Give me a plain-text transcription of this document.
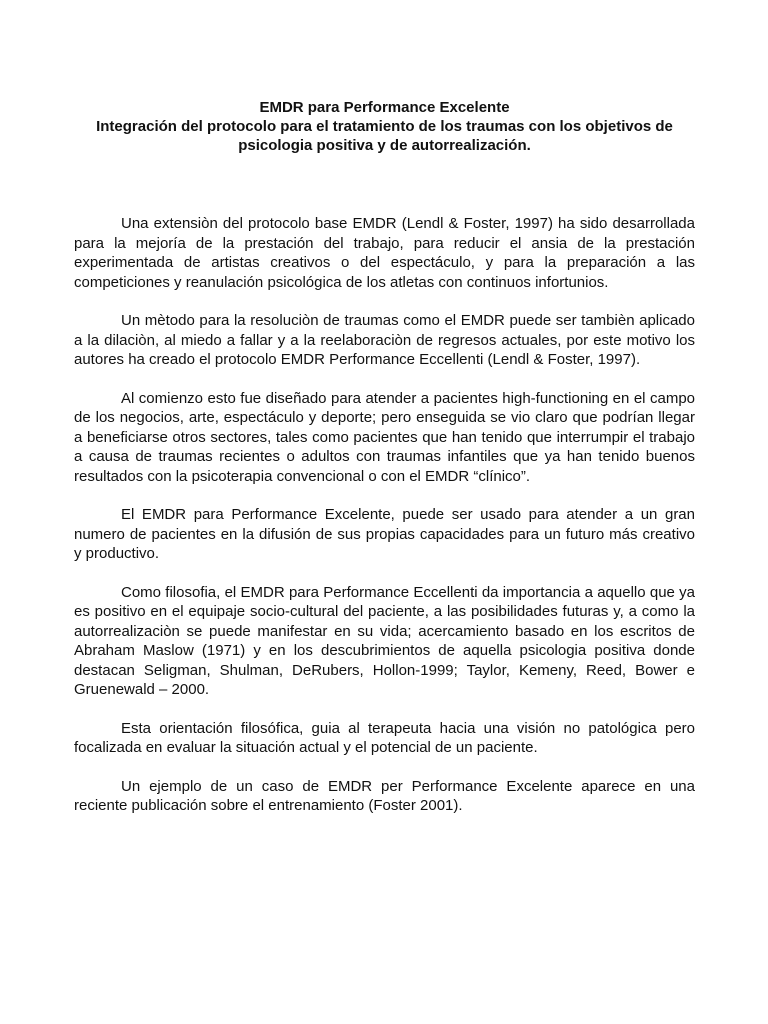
EMDR para Performance Excelente
Integración del protocolo para el tratamiento de los traumas con los objetivos de
psicologia positiva y de autorrealización.

Una extensiòn del protocolo base EMDR (Lendl & Foster, 1997) ha sido desarrollada para la mejoría de la prestación del trabajo, para reducir el ansia de la prestación experimentada de artistas creativos o del espectáculo, y para la preparación a las competiciones y reanulación psicológica de los atletas con continuos infortunios.

Un mètodo para la resoluciòn de traumas como el EMDR puede ser tambièn aplicado a la dilaciòn, al miedo a fallar y a la reelaboraciòn de regresos actuales, por este motivo los autores ha creado el protocolo EMDR Performance Eccellenti (Lendl & Foster, 1997).

Al comienzo esto fue diseñado para atender a pacientes high-functioning en el campo de los negocios, arte, espectáculo y deporte; pero enseguida se vio claro que podrían llegar a beneficiarse otros sectores, tales como pacientes que han tenido que interrumpir el trabajo a causa de traumas recientes o adultos con traumas infantiles que ya han tenido buenos resultados con la psicoterapia convencional o con el EMDR “clínico”.

El EMDR para Performance Excelente, puede ser usado para atender a un gran numero de pacientes en la difusión de sus propias capacidades para un futuro más creativo y productivo.

Como filosofia, el EMDR para Performance Eccellenti da importancia a aquello que ya es positivo en el equipaje socio-cultural del paciente, a las posibilidades futuras y, a como la autorrealizaciòn se puede manifestar en su vida; acercamiento basado en los escritos de Abraham Maslow (1971) y en los descubrimientos de aquella psicologia positiva donde destacan Seligman, Shulman, DeRubers, Hollon-1999; Taylor, Kemeny, Reed, Bower e Gruenewald – 2000.

Esta orientación filosófica, guia al terapeuta hacia una visión no patológica pero focalizada en evaluar la situación actual y el potencial de un paciente.

Un ejemplo de un caso de EMDR per Performance Excelente aparece en una reciente publicación sobre el entrenamiento (Foster 2001).
